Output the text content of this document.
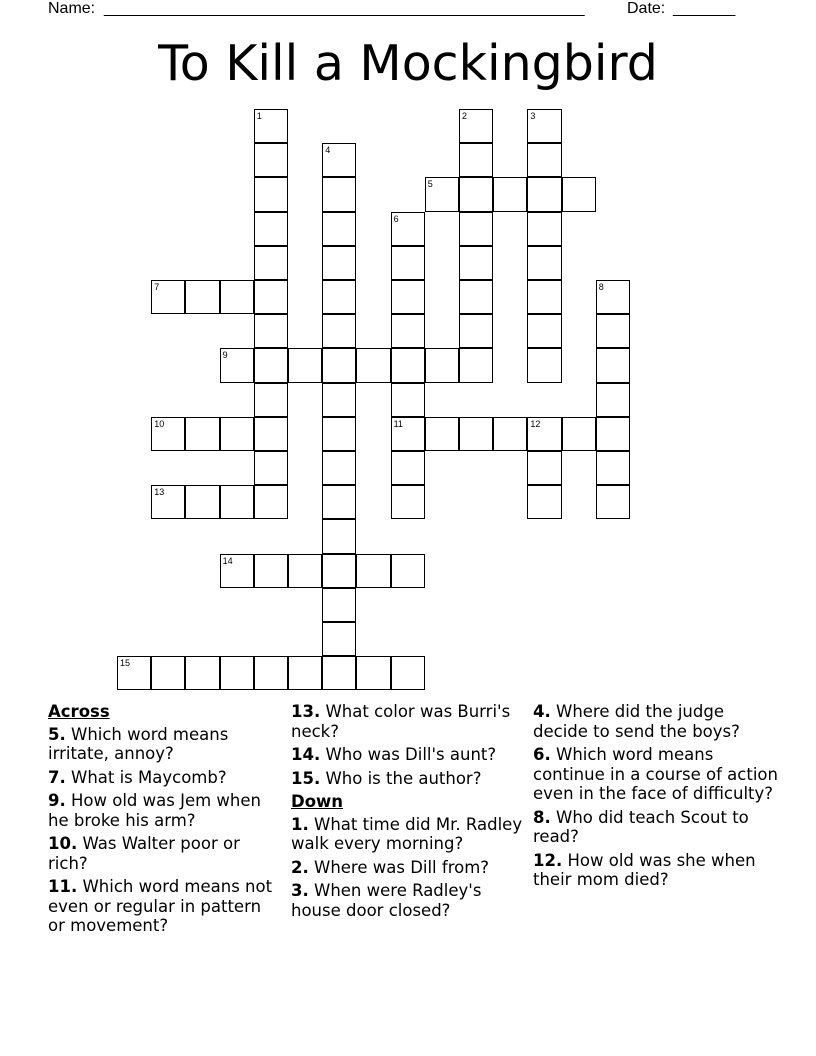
Name: ______________________________________________________	Date: _______
To Kill a Mockingbird
1	2	3
4
5
6
7	8
9
10	11	12
13
14
15
Across
5. Which word means irritate, annoy?
7. What is Maycomb?
9. How old was Jem when he broke his arm?
10. Was Walter poor or rich?
11. Which word means not even or regular in pattern or movement?
13. What color was Burri's neck?
14. Who was Dill's aunt?
15. Who is the author?
Down
1. What time did Mr. Radley walk every morning?
2. Where was Dill from?
3. When were Radley's house door closed?
4. Where did the judge decide to send the boys?
6. Which word means continue in a course of action even in the face of difficulty?
8. Who did teach Scout to read?
12. How old was she when their mom died?
